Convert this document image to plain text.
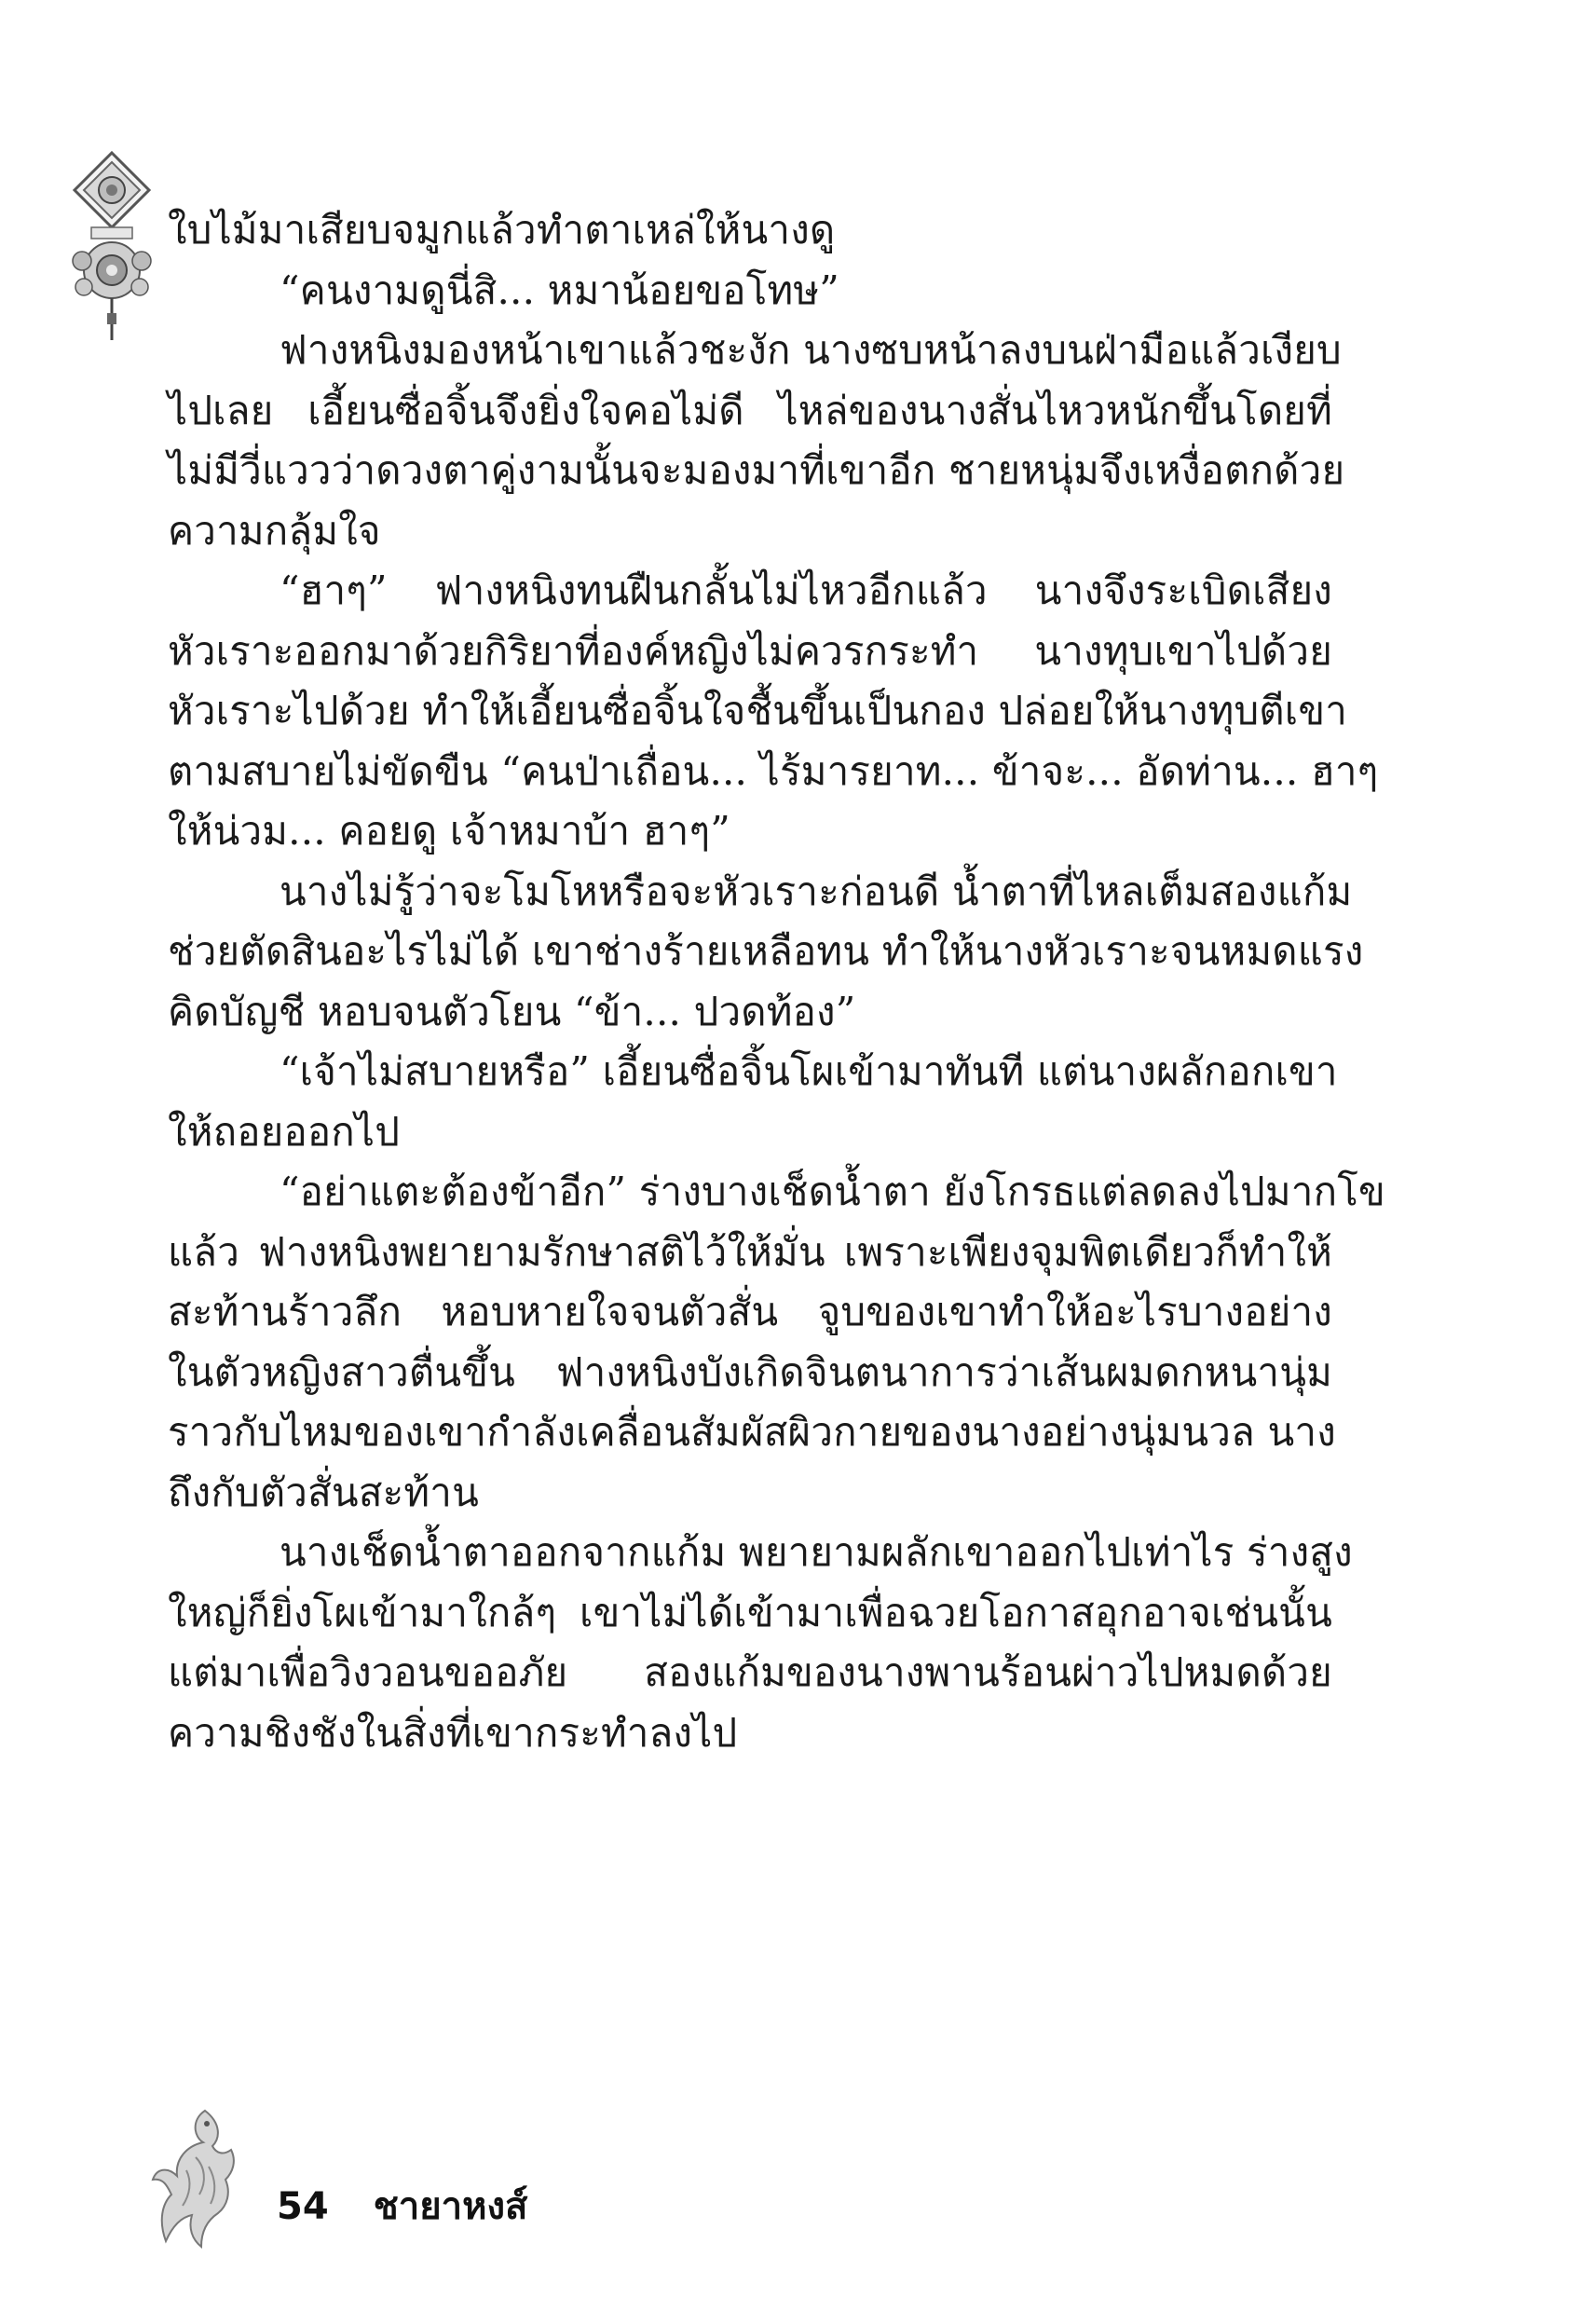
ใบไม้มาเสียบจมูกแล้วทำตาเหล่ให้นางดู
“คนงามดูนี่สิ... หมาน้อยขอโทษ”
ฟางหนิงมองหน้าเขาแล้วชะงัก นางซบหน้าลงบนฝ่ามือแล้วเงียบ
ไปเลย เอี้ยนซื่อจิ้นจึงยิ่งใจคอไม่ดี ไหล่ของนางสั่นไหวหนักขึ้นโดยที่
ไม่มีวี่แววว่าดวงตาคู่งามนั้นจะมองมาที่เขาอีก ชายหนุ่มจึงเหงื่อตกด้วย
ความกลุ้มใจ
“ฮาๆ” ฟางหนิงทนฝืนกลั้นไม่ไหวอีกแล้ว นางจึงระเบิดเสียง
หัวเราะออกมาด้วยกิริยาที่องค์หญิงไม่ควรกระทำ นางทุบเขาไปด้วย
หัวเราะไปด้วย ทำให้เอี้ยนซื่อจิ้นใจชื้นขึ้นเป็นกอง ปล่อยให้นางทุบตีเขา
ตามสบายไม่ขัดขืน “คนป่าเถื่อน... ไร้มารยาท... ข้าจะ... อัดท่าน... ฮาๆ
ให้น่วม... คอยดู เจ้าหมาบ้า ฮาๆ”
นางไม่รู้ว่าจะโมโหหรือจะหัวเราะก่อนดี น้ำตาที่ไหลเต็มสองแก้ม
ช่วยตัดสินอะไรไม่ได้ เขาช่างร้ายเหลือทน ทำให้นางหัวเราะจนหมดแรง
คิดบัญชี หอบจนตัวโยน “ข้า... ปวดท้อง”
“เจ้าไม่สบายหรือ” เอี้ยนซื่อจิ้นโผเข้ามาทันที แต่นางผลักอกเขา
ให้ถอยออกไป
“อย่าแตะต้องข้าอีก” ร่างบางเช็ดน้ำตา ยังโกรธแต่ลดลงไปมากโข
แล้ว ฟางหนิงพยายามรักษาสติไว้ให้มั่น เพราะเพียงจุมพิตเดียวก็ทำให้
สะท้านร้าวลึก หอบหายใจจนตัวสั่น จูบของเขาทำให้อะไรบางอย่าง
ในตัวหญิงสาวตื่นขึ้น ฟางหนิงบังเกิดจินตนาการว่าเส้นผมดกหนานุ่ม
ราวกับไหมของเขากำลังเคลื่อนสัมผัสผิวกายของนางอย่างนุ่มนวล นาง
ถึงกับตัวสั่นสะท้าน
นางเช็ดน้ำตาออกจากแก้ม พยายามผลักเขาออกไปเท่าไร ร่างสูง
ใหญ่ก็ยิ่งโผเข้ามาใกล้ๆ เขาไม่ได้เข้ามาเพื่อฉวยโอกาสอุกอาจเช่นนั้น
แต่มาเพื่อวิงวอนขออภัย สองแก้มของนางพานร้อนผ่าวไปหมดด้วย
ความชิงชังในสิ่งที่เขากระทำลงไป
54 ชายาหงส์
